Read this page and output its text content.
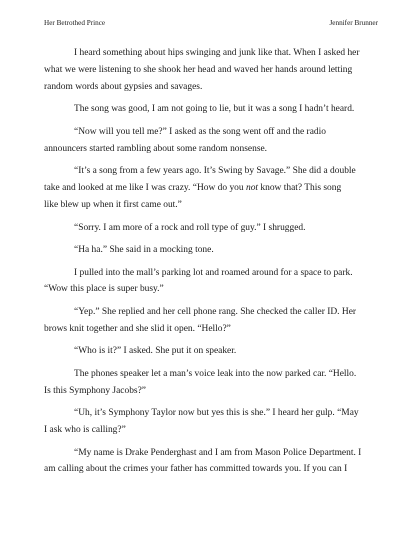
Her Betrothed Prince	Jennifer Brunner
I heard something about hips swinging and junk like that. When I asked her
what we were listening to she shook her head and waved her hands around letting
random words about gypsies and savages.
The song was good, I am not going to lie, but it was a song I hadn’t heard.
“Now will you tell me?” I asked as the song went off and the radio
announcers started rambling about some random nonsense.
“It’s a song from a few years ago. It’s Swing by Savage.” She did a double
take and looked at me like I was crazy. “How do you not know that? This song
like blew up when it first came out.”
“Sorry. I am more of a rock and roll type of guy.” I shrugged.
“Ha ha.” She said in a mocking tone.
I pulled into the mall’s parking lot and roamed around for a space to park.
“Wow this place is super busy.”
“Yep.” She replied and her cell phone rang. She checked the caller ID. Her
brows knit together and she slid it open. “Hello?”
“Who is it?” I asked. She put it on speaker.
The phones speaker let a man’s voice leak into the now parked car. “Hello.
Is this Symphony Jacobs?”
“Uh, it’s Symphony Taylor now but yes this is she.” I heard her gulp. “May
I ask who is calling?”
“My name is Drake Penderghast and I am from Mason Police Department. I
am calling about the crimes your father has committed towards you. If you can I
